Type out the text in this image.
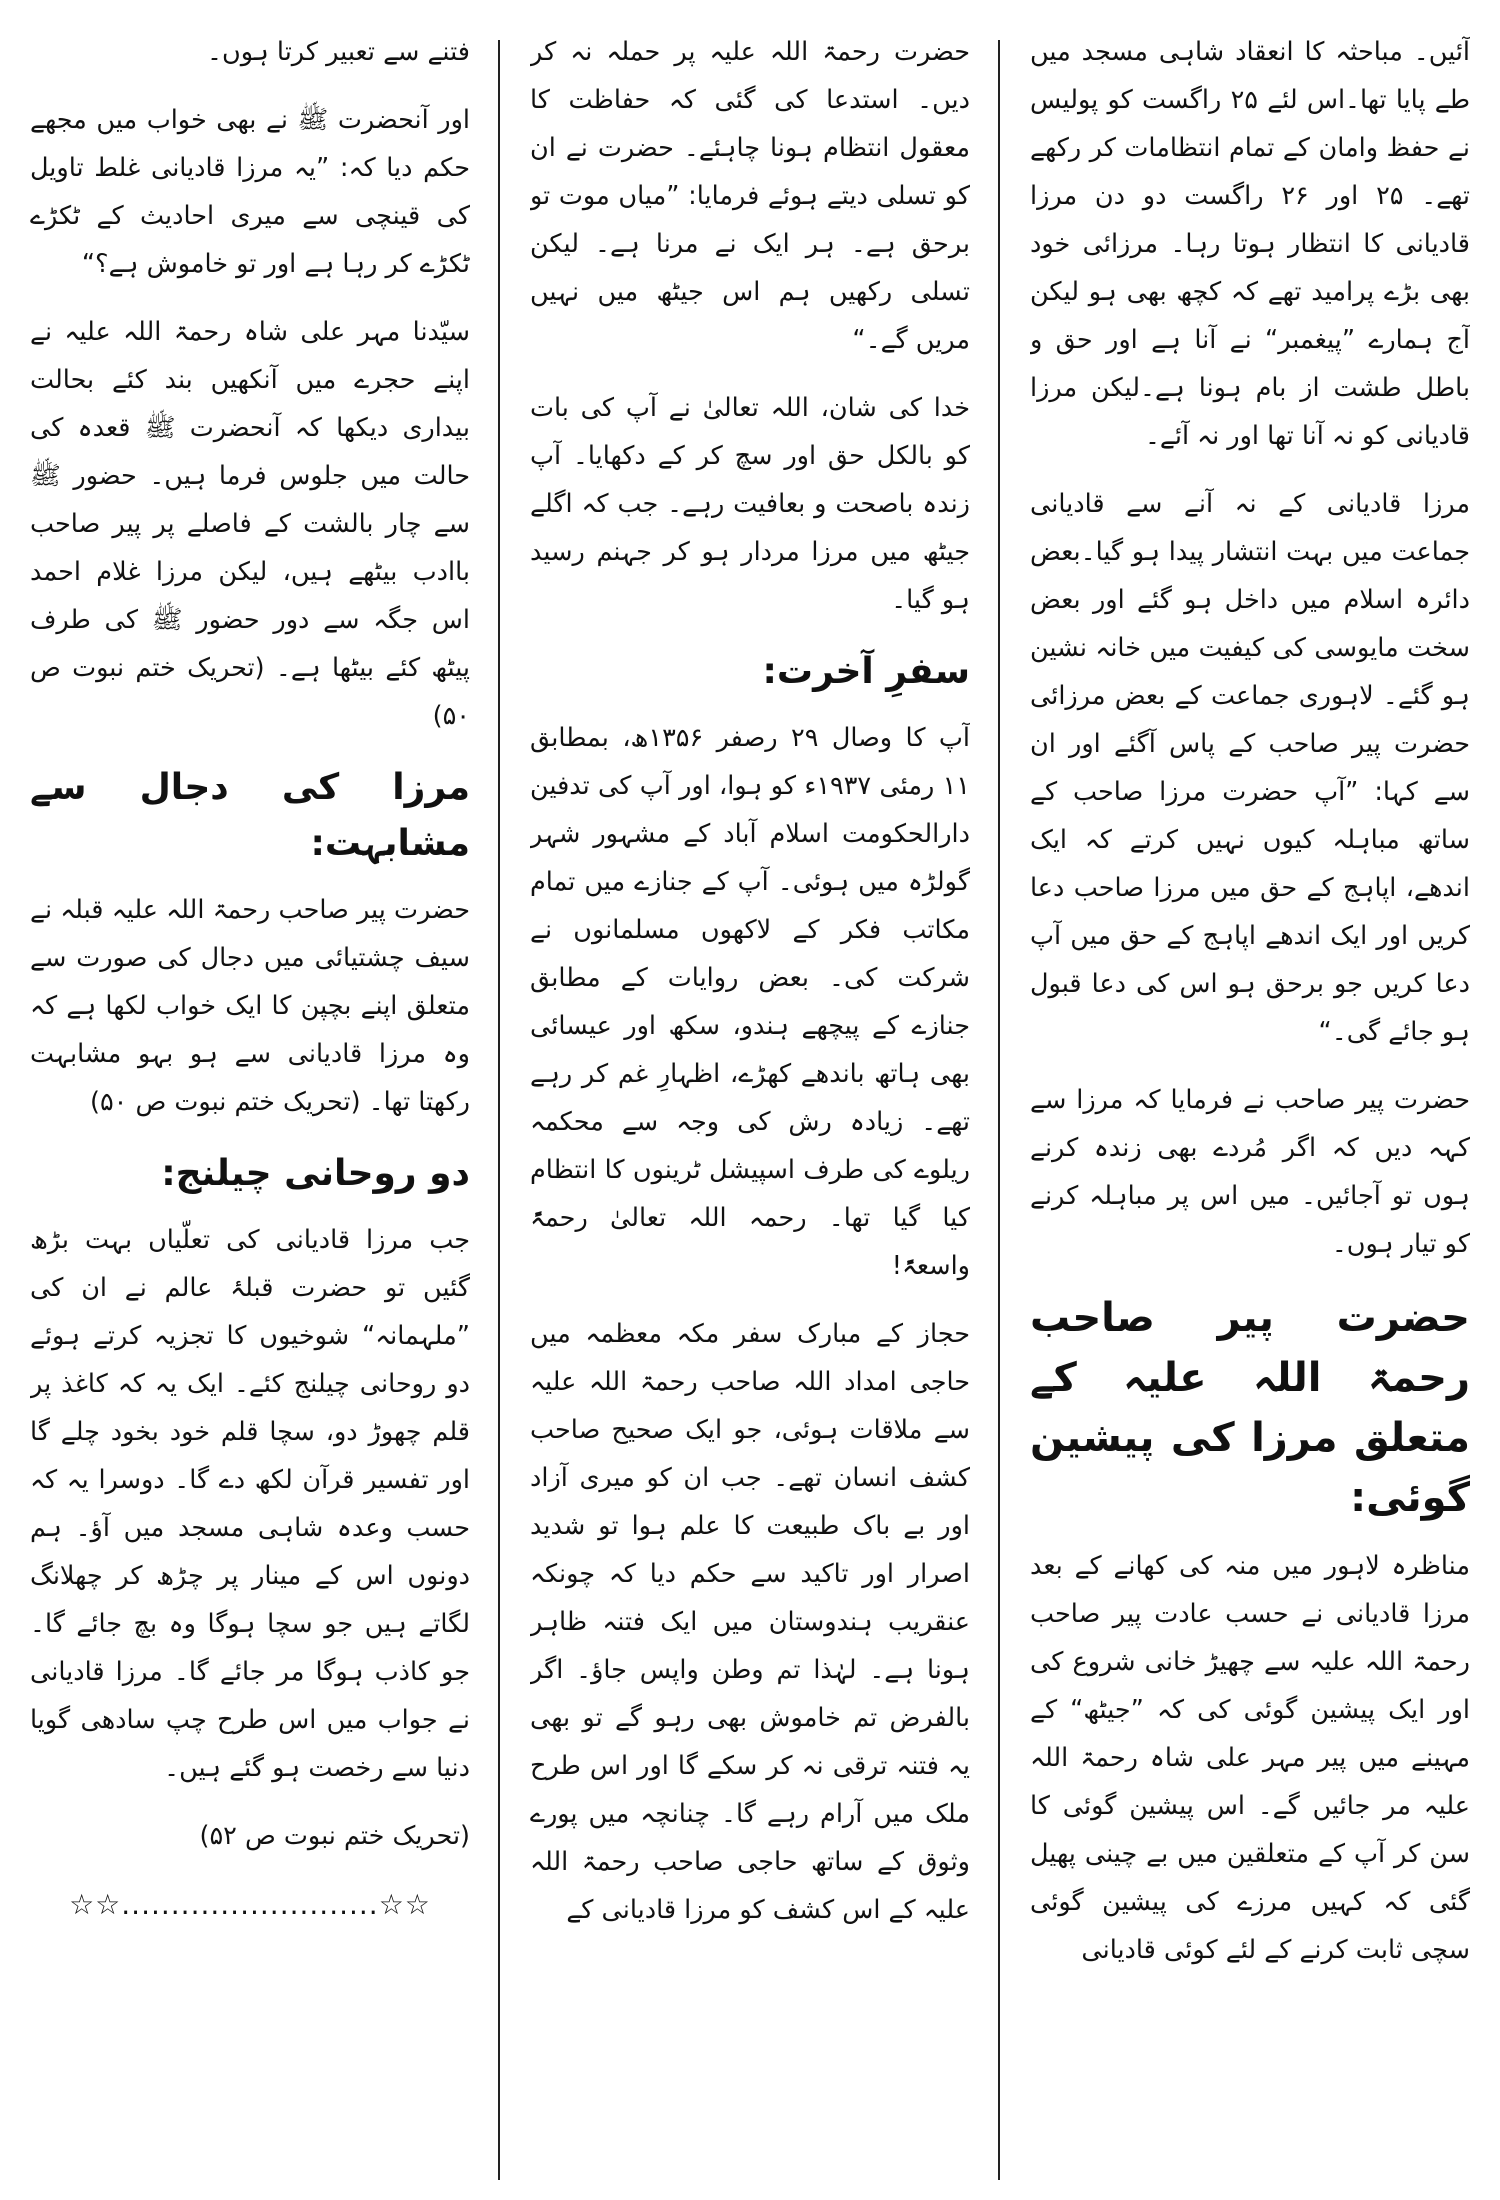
آئیں۔ مباحثہ کا انعقاد شاہی مسجد میں طے پایا تھا۔اس لئے ۲۵ راگست کو پولیس نے حفظ وامان کے تمام انتظامات کر رکھے تھے۔ ۲۵ اور ۲۶ راگست دو دن مرزا قادیانی کا انتظار ہوتا رہا۔ مرزائی خود بھی بڑے پرامید تھے کہ کچھ بھی ہو لیکن آج ہمارے ”پیغمبر“ نے آنا ہے اور حق و باطل طشت از بام ہونا ہے۔لیکن مرزا قادیانی کو نہ آنا تھا اور نہ آئے۔

مرزا قادیانی کے نہ آنے سے قادیانی جماعت میں بہت انتشار پیدا ہو گیا۔بعض دائرہ اسلام میں داخل ہو گئے اور بعض سخت مایوسی کی کیفیت میں خانہ نشین ہو گئے۔ لاہوری جماعت کے بعض مرزائی حضرت پیر صاحب کے پاس آگئے اور ان سے کہا: ”آپ حضرت مرزا صاحب کے ساتھ مباہلہ کیوں نہیں کرتے کہ ایک اندھے، اپاہج کے حق میں مرزا صاحب دعا کریں اور ایک اندھے اپاہج کے حق میں آپ دعا کریں جو برحق ہو اس کی دعا قبول ہو جائے گی۔“

حضرت پیر صاحب نے فرمایا کہ مرزا سے کہہ دیں کہ اگر مُردے بھی زندہ کرنے ہوں تو آجائیں۔ میں اس پر مباہلہ کرنے کو تیار ہوں۔

حضرت پیر صاحب رحمۃ اللہ علیہ کے متعلق مرزا کی پیشین گوئی:

مناظرہ لاہور میں منہ کی کھانے کے بعد مرزا قادیانی نے حسب عادت پیر صاحب رحمۃ اللہ علیہ سے چھیڑ خانی شروع کی اور ایک پیشین گوئی کی کہ ”جیٹھ“ کے مہینے میں پیر مہر علی شاہ رحمۃ اللہ علیہ مر جائیں گے۔ اس پیشین گوئی کا سن کر آپ کے متعلقین میں بے چینی پھیل گئی کہ کہیں مرزے کی پیشین گوئی سچی ثابت کرنے کے لئے کوئی قادیانی

حضرت رحمۃ اللہ علیہ پر حملہ نہ کر دیں۔ استدعا کی گئی کہ حفاظت کا معقول انتظام ہونا چاہئے۔ حضرت نے ان کو تسلی دیتے ہوئے فرمایا: ”میاں موت تو برحق ہے۔ ہر ایک نے مرنا ہے۔ لیکن تسلی رکھیں ہم اس جیٹھ میں نہیں مریں گے۔“

خدا کی شان، اللہ تعالیٰ نے آپ کی بات کو بالکل حق اور سچ کر کے دکھایا۔ آپ زندہ باصحت و بعافیت رہے۔ جب کہ اگلے جیٹھ میں مرزا مردار ہو کر جہنم رسید ہو گیا۔

سفرِ آخرت:

آپ کا وصال ۲۹ رصفر ۱۳۵۶ھ، بمطابق ۱۱ رمئی ۱۹۳۷ء کو ہوا، اور آپ کی تدفین دارالحکومت اسلام آباد کے مشہور شہر گولڑہ میں ہوئی۔ آپ کے جنازے میں تمام مکاتب فکر کے لاکھوں مسلمانوں نے شرکت کی۔ بعض روایات کے مطابق جنازے کے پیچھے ہندو، سکھ اور عیسائی بھی ہاتھ باندھے کھڑے، اظہارِ غم کر رہے تھے۔ زیادہ رش کی وجہ سے محکمہ ریلوے کی طرف اسپیشل ٹرینوں کا انتظام کیا گیا تھا۔ رحمہ اللہ تعالیٰ رحمۃً واسعۃً!

حجاز کے مبارک سفر مکہ معظمہ میں حاجی امداد اللہ صاحب رحمۃ اللہ علیہ سے ملاقات ہوئی، جو ایک صحیح صاحب کشف انسان تھے۔ جب ان کو میری آزاد اور بے باک طبیعت کا علم ہوا تو شدید اصرار اور تاکید سے حکم دیا کہ چونکہ عنقریب ہندوستان میں ایک فتنہ ظاہر ہونا ہے۔ لہٰذا تم وطن واپس جاؤ۔ اگر بالفرض تم خاموش بھی رہو گے تو بھی یہ فتنہ ترقی نہ کر سکے گا اور اس طرح ملک میں آرام رہے گا۔ چنانچہ میں پورے وثوق کے ساتھ حاجی صاحب رحمۃ اللہ علیہ کے اس کشف کو مرزا قادیانی کے

فتنے سے تعبیر کرتا ہوں۔

اور آنحضرت ﷺ نے بھی خواب میں مجھے حکم دیا کہ: ”یہ مرزا قادیانی غلط تاویل کی قینچی سے میری احادیث کے ٹکڑے ٹکڑے کر رہا ہے اور تو خاموش ہے؟“

سیّدنا مہر علی شاہ رحمۃ اللہ علیہ نے اپنے حجرے میں آنکھیں بند کئے بحالت بیداری دیکھا کہ آنحضرت ﷺ قعدہ کی حالت میں جلوس فرما ہیں۔ حضور ﷺ سے چار بالشت کے فاصلے پر پیر صاحب باادب بیٹھے ہیں، لیکن مرزا غلام احمد اس جگہ سے دور حضور ﷺ کی طرف پیٹھ کئے بیٹھا ہے۔ (تحریک ختم نبوت ص ۵۰)

مرزا کی دجال سے مشابہت:

حضرت پیر صاحب رحمۃ اللہ علیہ قبلہ نے سیف چشتیائی میں دجال کی صورت سے متعلق اپنے بچپن کا ایک خواب لکھا ہے کہ وہ مرزا قادیانی سے ہو بہو مشابہت رکھتا تھا۔ (تحریک ختم نبوت ص ۵۰)

دو روحانی چیلنج:

جب مرزا قادیانی کی تعلّیاں بہت بڑھ گئیں تو حضرت قبلۂ عالم نے ان کی ”ملہمانہ“ شوخیوں کا تجزیہ کرتے ہوئے دو روحانی چیلنج کئے۔ ایک یہ کہ کاغذ پر قلم چھوڑ دو، سچا قلم خود بخود چلے گا اور تفسیر قرآن لکھ دے گا۔ دوسرا یہ کہ حسب وعدہ شاہی مسجد میں آؤ۔ ہم دونوں اس کے مینار پر چڑھ کر چھلانگ لگاتے ہیں جو سچا ہوگا وہ بچ جائے گا۔ جو کاذب ہوگا مر جائے گا۔ مرزا قادیانی نے جواب میں اس طرح چپ سادھی گویا دنیا سے رخصت ہو گئے ہیں۔

(تحریک ختم نبوت ص ۵۲)

☆☆..........................☆☆
